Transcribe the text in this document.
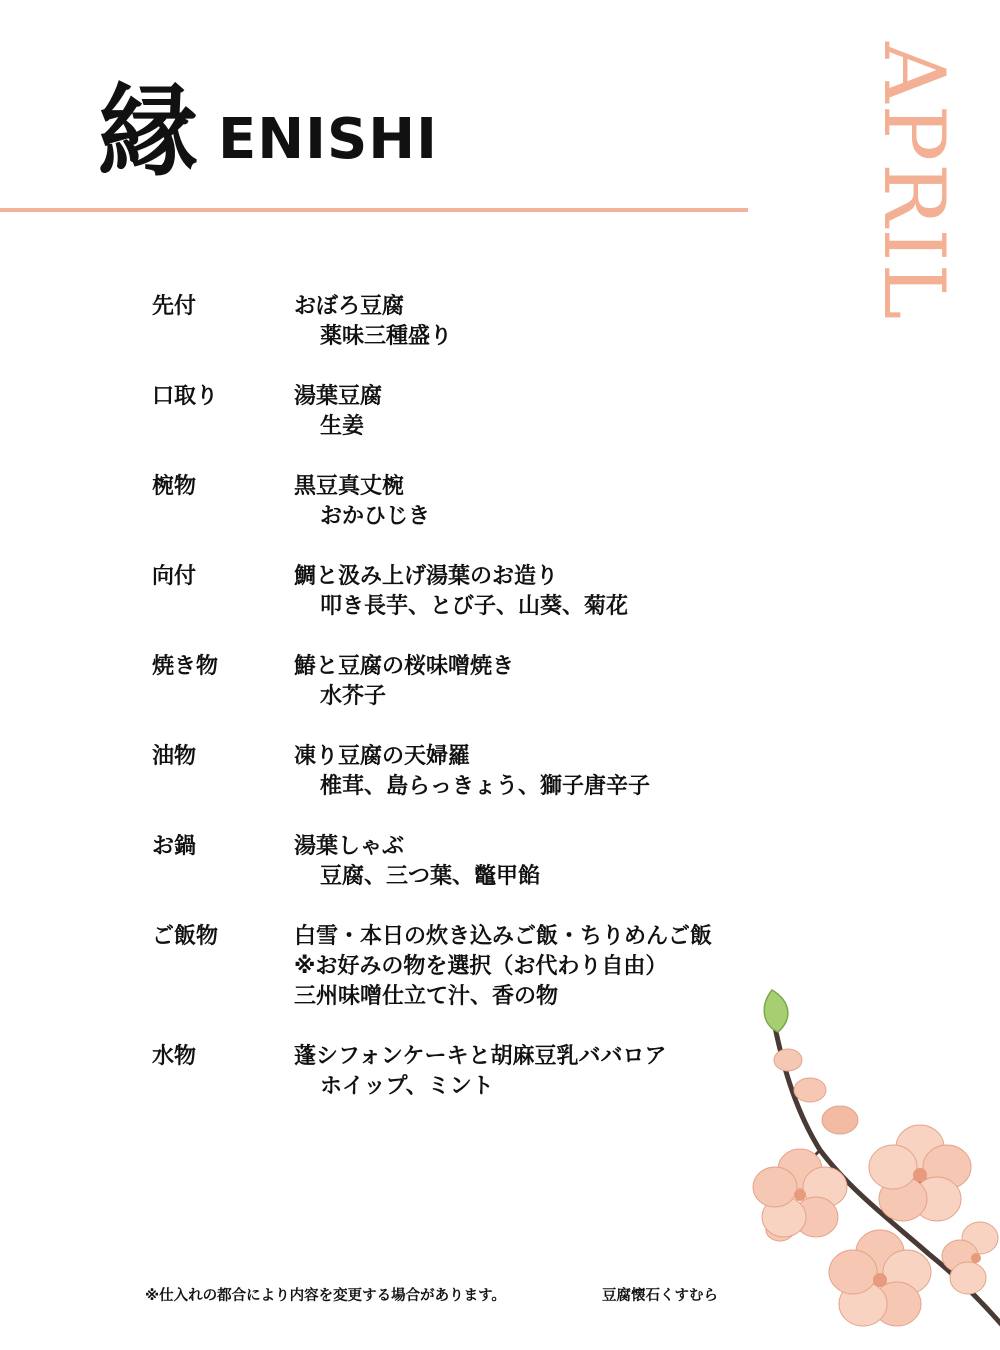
縁 ENISHI	APRIL
先付	おぼろ豆腐
薬味三種盛り
口取り	湯葉豆腐
生姜
椀物	黒豆真丈椀
おかひじき
向付	鯛と汲み上げ湯葉のお造り
叩き長芋、とび子、山葵、菊花
焼き物	鰆と豆腐の桜味噌焼き
水芥子
油物	凍り豆腐の天婦羅
椎茸、島らっきょう、獅子唐辛子
お鍋	湯葉しゃぶ
豆腐、三つ葉、鼈甲餡
ご飯物	白雪・本日の炊き込みご飯・ちりめんご飯
※お好みの物を選択（お代わり自由）
三州味噌仕立て汁、香の物
水物	蓬シフォンケーキと胡麻豆乳ババロア
ホイップ、ミント
※仕入れの都合により内容を変更する場合があります。	豆腐懐石くすむら
